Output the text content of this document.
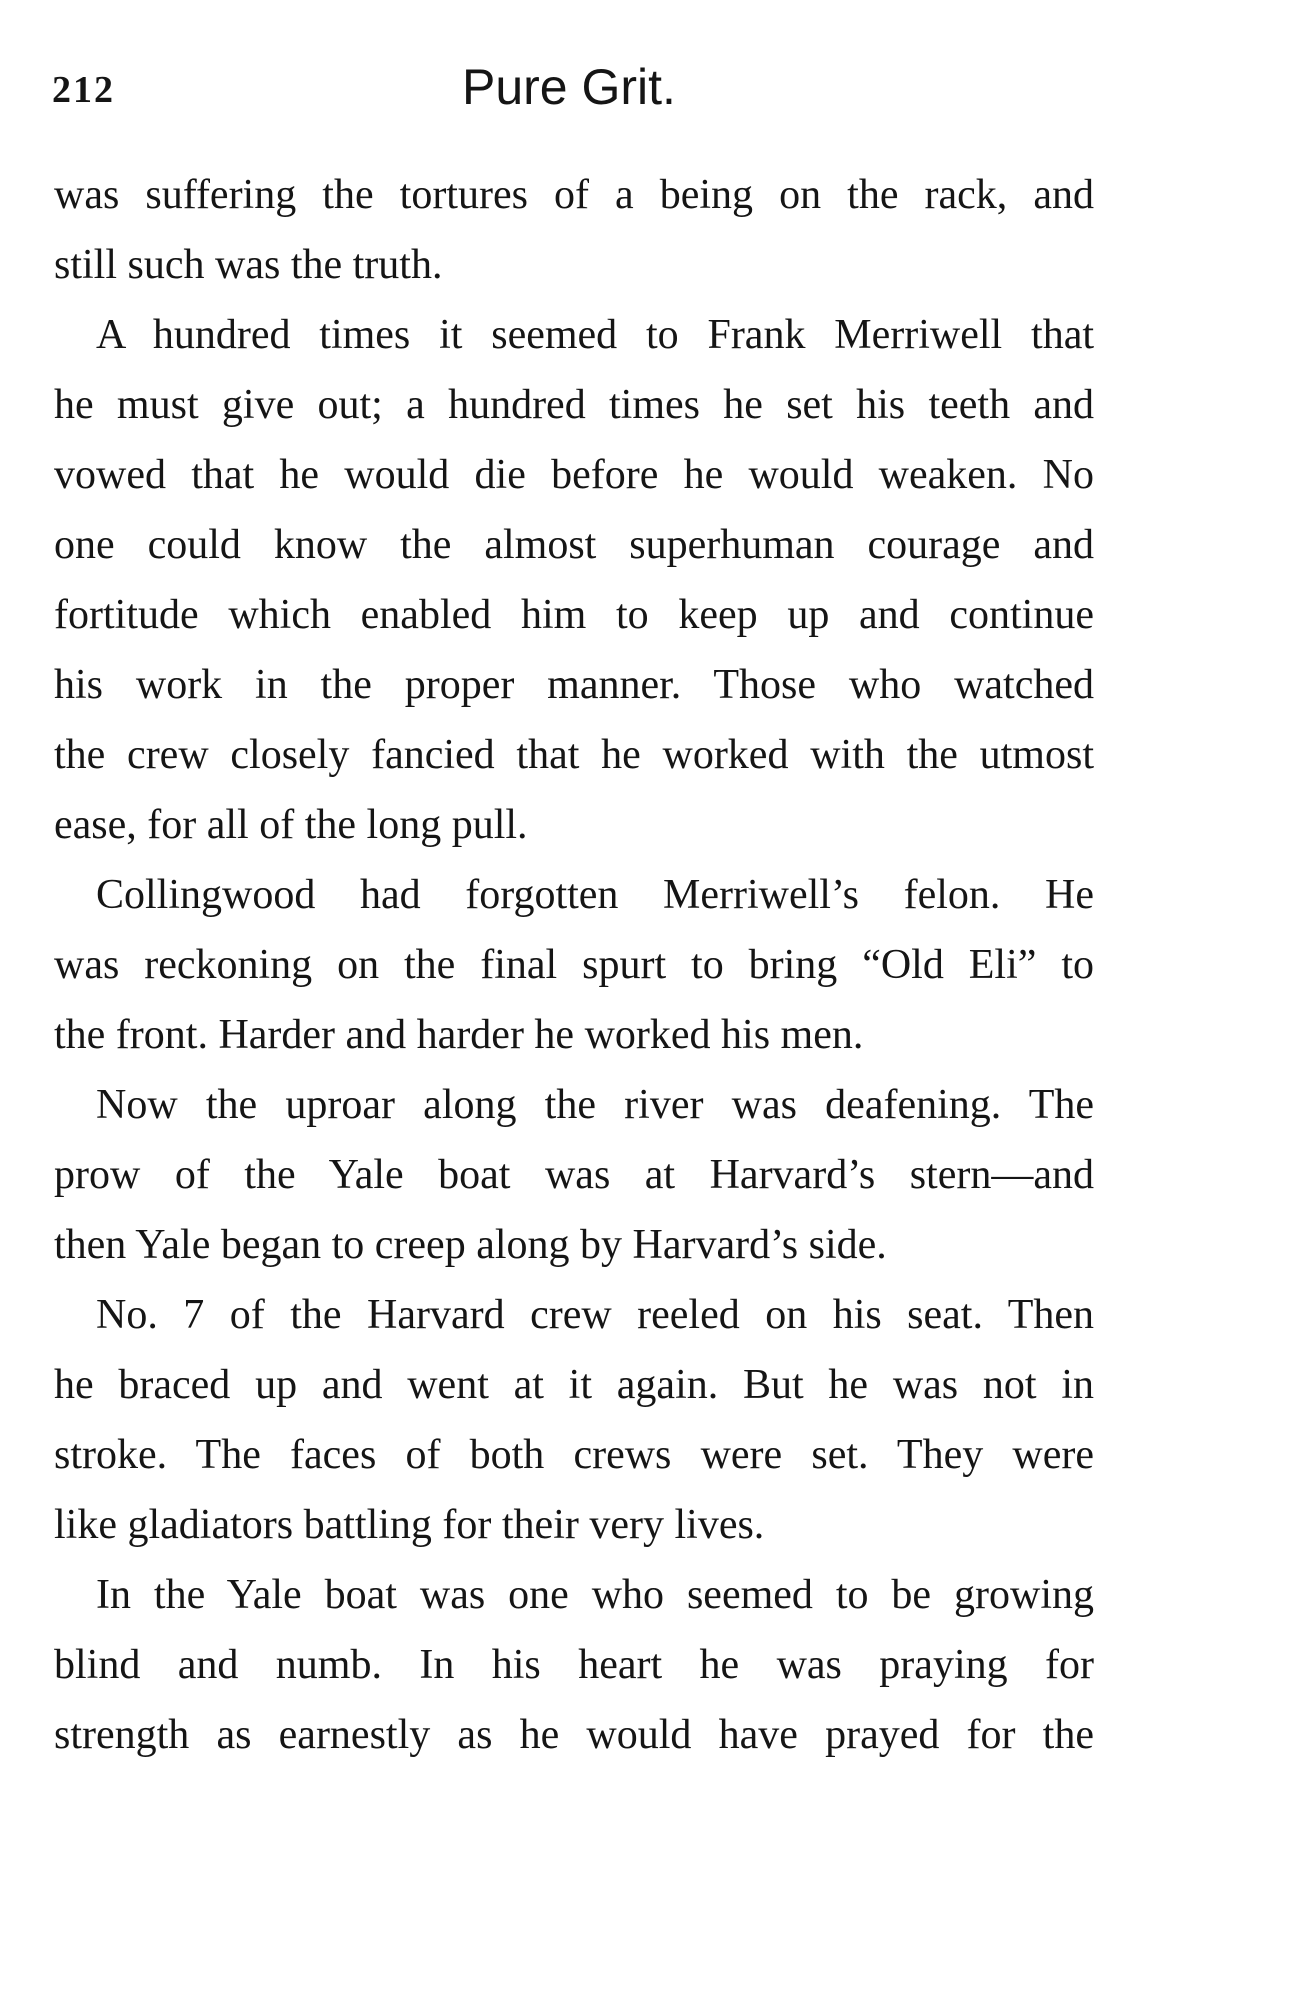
212	Pure Grit.
was suffering the tortures of a being on the rack, and
still such was the truth.
A hundred times it seemed to Frank Merriwell that
he must give out; a hundred times he set his teeth and
vowed that he would die before he would weaken. No
one could know the almost superhuman courage and
fortitude which enabled him to keep up and continue
his work in the proper manner. Those who watched
the crew closely fancied that he worked with the utmost
ease, for all of the long pull.
Collingwood had forgotten Merriwell’s felon. He
was reckoning on the final spurt to bring “Old Eli” to
the front. Harder and harder he worked his men.
Now the uproar along the river was deafening. The
prow of the Yale boat was at Harvard’s stern—and
then Yale began to creep along by Harvard’s side.
No. 7 of the Harvard crew reeled on his seat. Then
he braced up and went at it again. But he was not in
stroke. The faces of both crews were set. They were
like gladiators battling for their very lives.
In the Yale boat was one who seemed to be growing
blind and numb. In his heart he was praying for
strength as earnestly as he would have prayed for the
